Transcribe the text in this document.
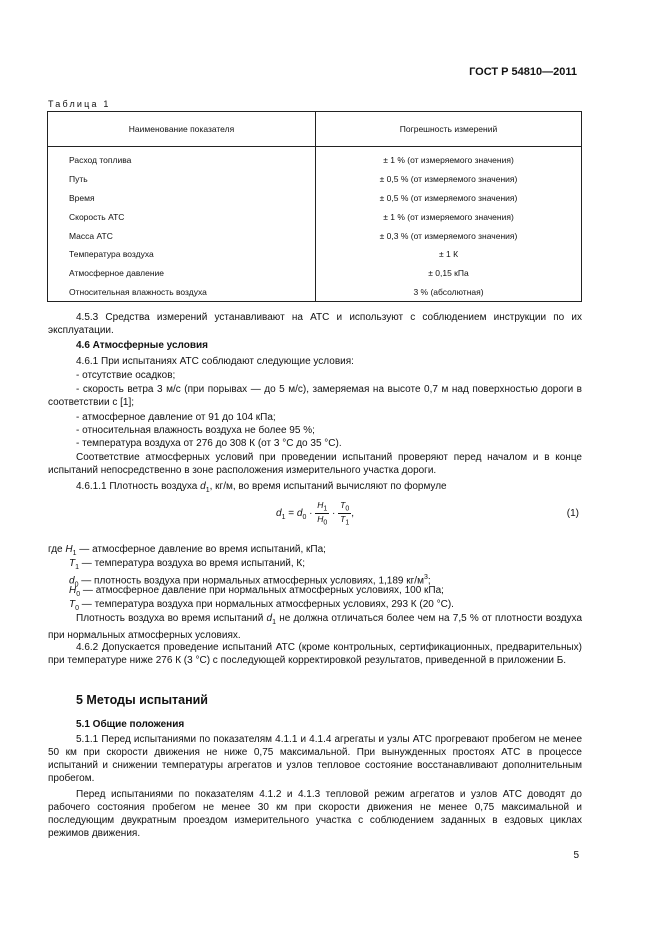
ГОСТ Р 54810—2011
Таблица 1
Наименование показателя	Погрешность измерений
Расход топлива	± 1 % (от измеряемого значения)
Путь	± 0,5 % (от измеряемого значения)
Время	± 0,5 % (от измеряемого значения)
Скорость АТС	± 1 % (от измеряемого значения)
Масса АТС	± 0,3 % (от измеряемого значения)
Температура воздуха	± 1 К
Атмосферное давление	± 0,15 кПа
Относительная влажность воздуха	3 % (абсолютная)

4.5.3 Средства измерений устанавливают на АТС и используют с соблюдением инструкции по их эксплуатации.

4.6 Атмосферные условия

4.6.1 При испытаниях АТС соблюдают следующие условия:

- отсутствие осадков;

- скорость ветра 3 м/с (при порывах — до 5 м/с), замеряемая на высоте 0,7 м над поверхностью дороги в соответствии с [1];

- атмосферное давление от 91 до 104 кПа;

- относительная влажность воздуха не более 95 %;

- температура воздуха от 276 до 308 К (от 3 °С до 35 °С).

Соответствие атмосферных условий при проведении испытаний проверяют перед началом и в конце испытаний непосредственно в зоне расположения измерительного участка дороги.

4.6.1.1 Плотность воздуха $d_1$, кг/м, во время испытаний вычисляют по формуле

$d_1 = d_0 \cdot \frac{H_1}{H_0} \cdot \frac{T_0}{T_1}$ ,	(1)

где $H_1$ — атмосферное давление во время испытаний, кПа;

$T_1$ — температура воздуха во время испытаний, К;

$d_0$ — плотность воздуха при нормальных атмосферных условиях, 1,189 $кг/м^3$;

$H_0$ — атмосферное давление при нормальных атмосферных условиях, 100 кПа;

$T_0$ — температура воздуха при нормальных атмосферных условиях, 293 К (20 °С).

Плотность воздуха во время испытаний $d_1$ не должна отличаться более чем на 7,5 % от плотности воздуха при нормальных атмосферных условиях.

4.6.2 Допускается проведение испытаний АТС (кроме контрольных, сертификационных, предварительных) при температуре ниже 276 К (3 °С) с последующей корректировкой результатов, приведенной в приложении Б.

5 Методы испытаний

5.1 Общие положения

5.1.1 Перед испытаниями по показателям 4.1.1 и 4.1.4 агрегаты и узлы АТС прогревают пробегом не менее 50 км при скорости движения не ниже 0,75 максимальной. При вынужденных простоях АТС в процессе испытаний и снижении температуры агрегатов и узлов тепловое состояние восстанавливают дополнительным пробегом.

Перед испытаниями по показателям 4.1.2 и 4.1.3 тепловой режим агрегатов и узлов АТС доводят до рабочего состояния пробегом не менее 30 км при скорости движения не менее 0,75 максимальной и последующим двукратным проездом измерительного участка с соблюдением заданных в ездовых циклах режимов движения.

5
